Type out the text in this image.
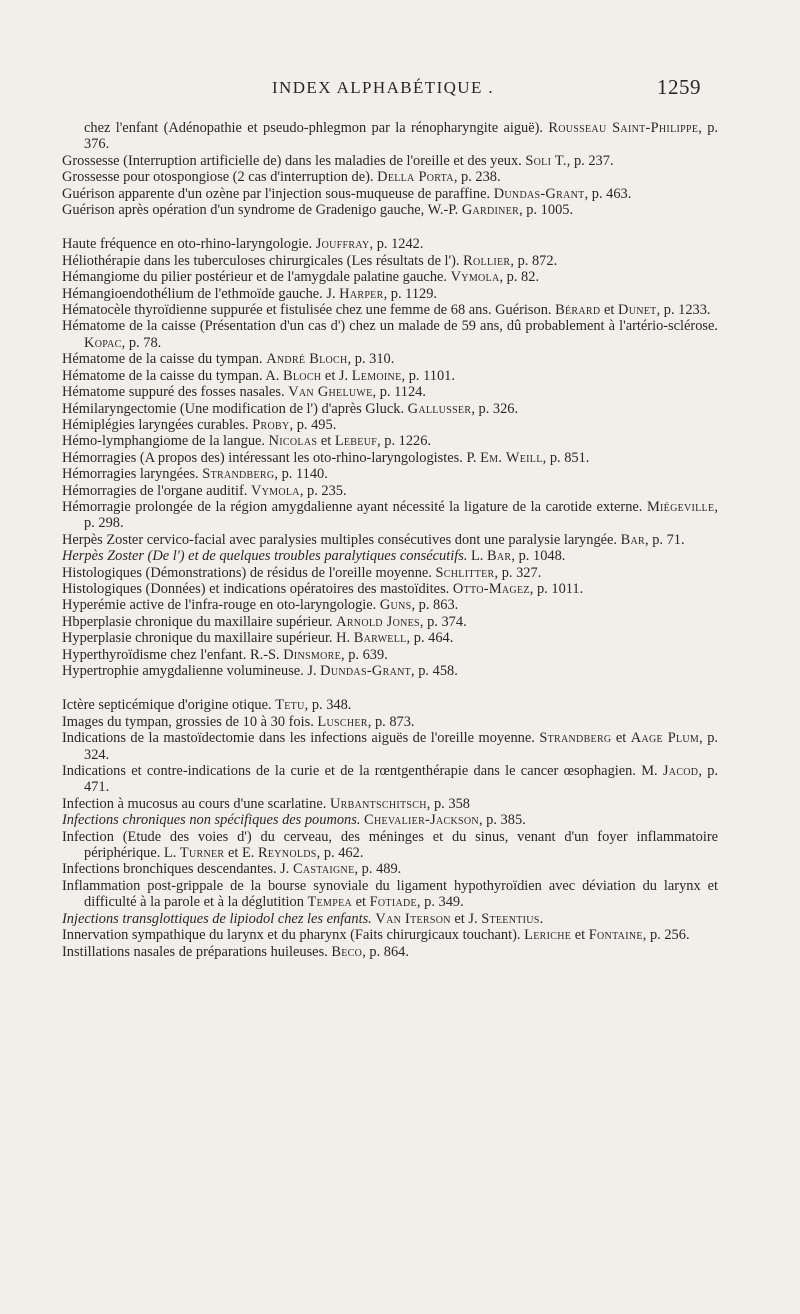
INDEX ALPHABÉTIQUE .	1259
chez l'enfant (Adénopathie et pseudo-phlegmon par la rénopharyngite aiguë). Rousseau Saint-Philippe, p. 376.
Grossesse (Interruption artificielle de) dans les maladies de l'oreille et des yeux. Soli T., p. 237.
Grossesse pour otospongiose (2 cas d'interruption de). Della Porta, p. 238.
Guérison apparente d'un ozène par l'injection sous-muqueuse de paraffine. Dundas-Grant, p. 463.
Guérison après opération d'un syndrome de Gradenigo gauche, W.-P. Gardiner, p. 1005.
Haute fréquence en oto-rhino-laryngologie. Jouffray, p. 1242.
Héliothérapie dans les tuberculoses chirurgicales (Les résultats de l'). Rollier, p. 872.
Hémangiome du pilier postérieur et de l'amygdale palatine gauche. Vymola, p. 82.
Hémangioendothélium de l'ethmoïde gauche. J. Harper, p. 1129.
Hématocèle thyroïdienne suppurée et fistulisée chez une femme de 68 ans. Guérison. Bérard et Dunet, p. 1233.
Hématome de la caisse (Présentation d'un cas d') chez un malade de 59 ans, dû probablement à l'artério-sclérose. Kopac, p. 78.
Hématome de la caisse du tympan. André Bloch, p. 310.
Hématome de la caisse du tympan. A. Bloch et J. Lemoine, p. 1101.
Hématome suppuré des fosses nasales. Van Gheluwe, p. 1124.
Hémilaryngectomie (Une modification de l') d'après Gluck. Gallusser, p. 326.
Hémiplégies laryngées curables. Proby, p. 495.
Hémo-lymphangiome de la langue. Nicolas et Lebeuf, p. 1226.
Hémorragies (A propos des) intéressant les oto-rhino-laryngologistes. P. Em. Weill, p. 851.
Hémorragies laryngées. Strandberg, p. 1140.
Hémorragies de l'organe auditif. Vymola, p. 235.
Hémorragie prolongée de la région amygdalienne ayant nécessité la ligature de la carotide externe. Miégeville, p. 298.
Herpès Zoster cervico-facial avec paralysies multiples consécutives dont une paralysie laryngée. Bar, p. 71.
Herpès Zoster (De l') et de quelques troubles paralytiques consécutifs. L. Bar, p. 1048.
Histologiques (Démonstrations) de résidus de l'oreille moyenne. Schlitter, p. 327.
Histologiques (Données) et indications opératoires des mastoïdites. Otto-Magez, p. 1011.
Hyperémie active de l'infra-rouge en oto-laryngologie. Guns, p. 863.
Hbperplasie chronique du maxillaire supérieur. Arnold Jones, p. 374.
Hyperplasie chronique du maxillaire supérieur. H. Barwell, p. 464.
Hyperthyroïdisme chez l'enfant. R.-S. Dinsmore, p. 639.
Hypertrophie amygdalienne volumineuse. J. Dundas-Grant, p. 458.
Ictère septicémique d'origine otique. Tetu, p. 348.
Images du tympan, grossies de 10 à 30 fois. Luscher, p. 873.
Indications de la mastoïdectomie dans les infections aiguës de l'oreille moyenne. Strandberg et Aage Plum, p. 324.
Indications et contre-indications de la curie et de la rœntgenthérapie dans le cancer œsophagien. M. Jacod, p. 471.
Infection à mucosus au cours d'une scarlatine. Urbantschitsch, p. 358
Infections chroniques non spécifiques des poumons. Chevalier-Jackson, p. 385.
Infection (Etude des voies d') du cerveau, des méninges et du sinus, venant d'un foyer inflammatoire périphérique. L. Turner et E. Reynolds, p. 462.
Infections bronchiques descendantes. J. Castaigne, p. 489.
Inflammation post-grippale de la bourse synoviale du ligament hypothyroïdien avec déviation du larynx et difficulté à la parole et à la déglutition Tempea et Fotiade, p. 349.
Injections transglottiques de lipiodol chez les enfants. Van Iterson et J. Steentius.
Innervation sympathique du larynx et du pharynx (Faits chirurgicaux touchant). Leriche et Fontaine, p. 256.
Instillations nasales de préparations huileuses. Beco, p. 864.
